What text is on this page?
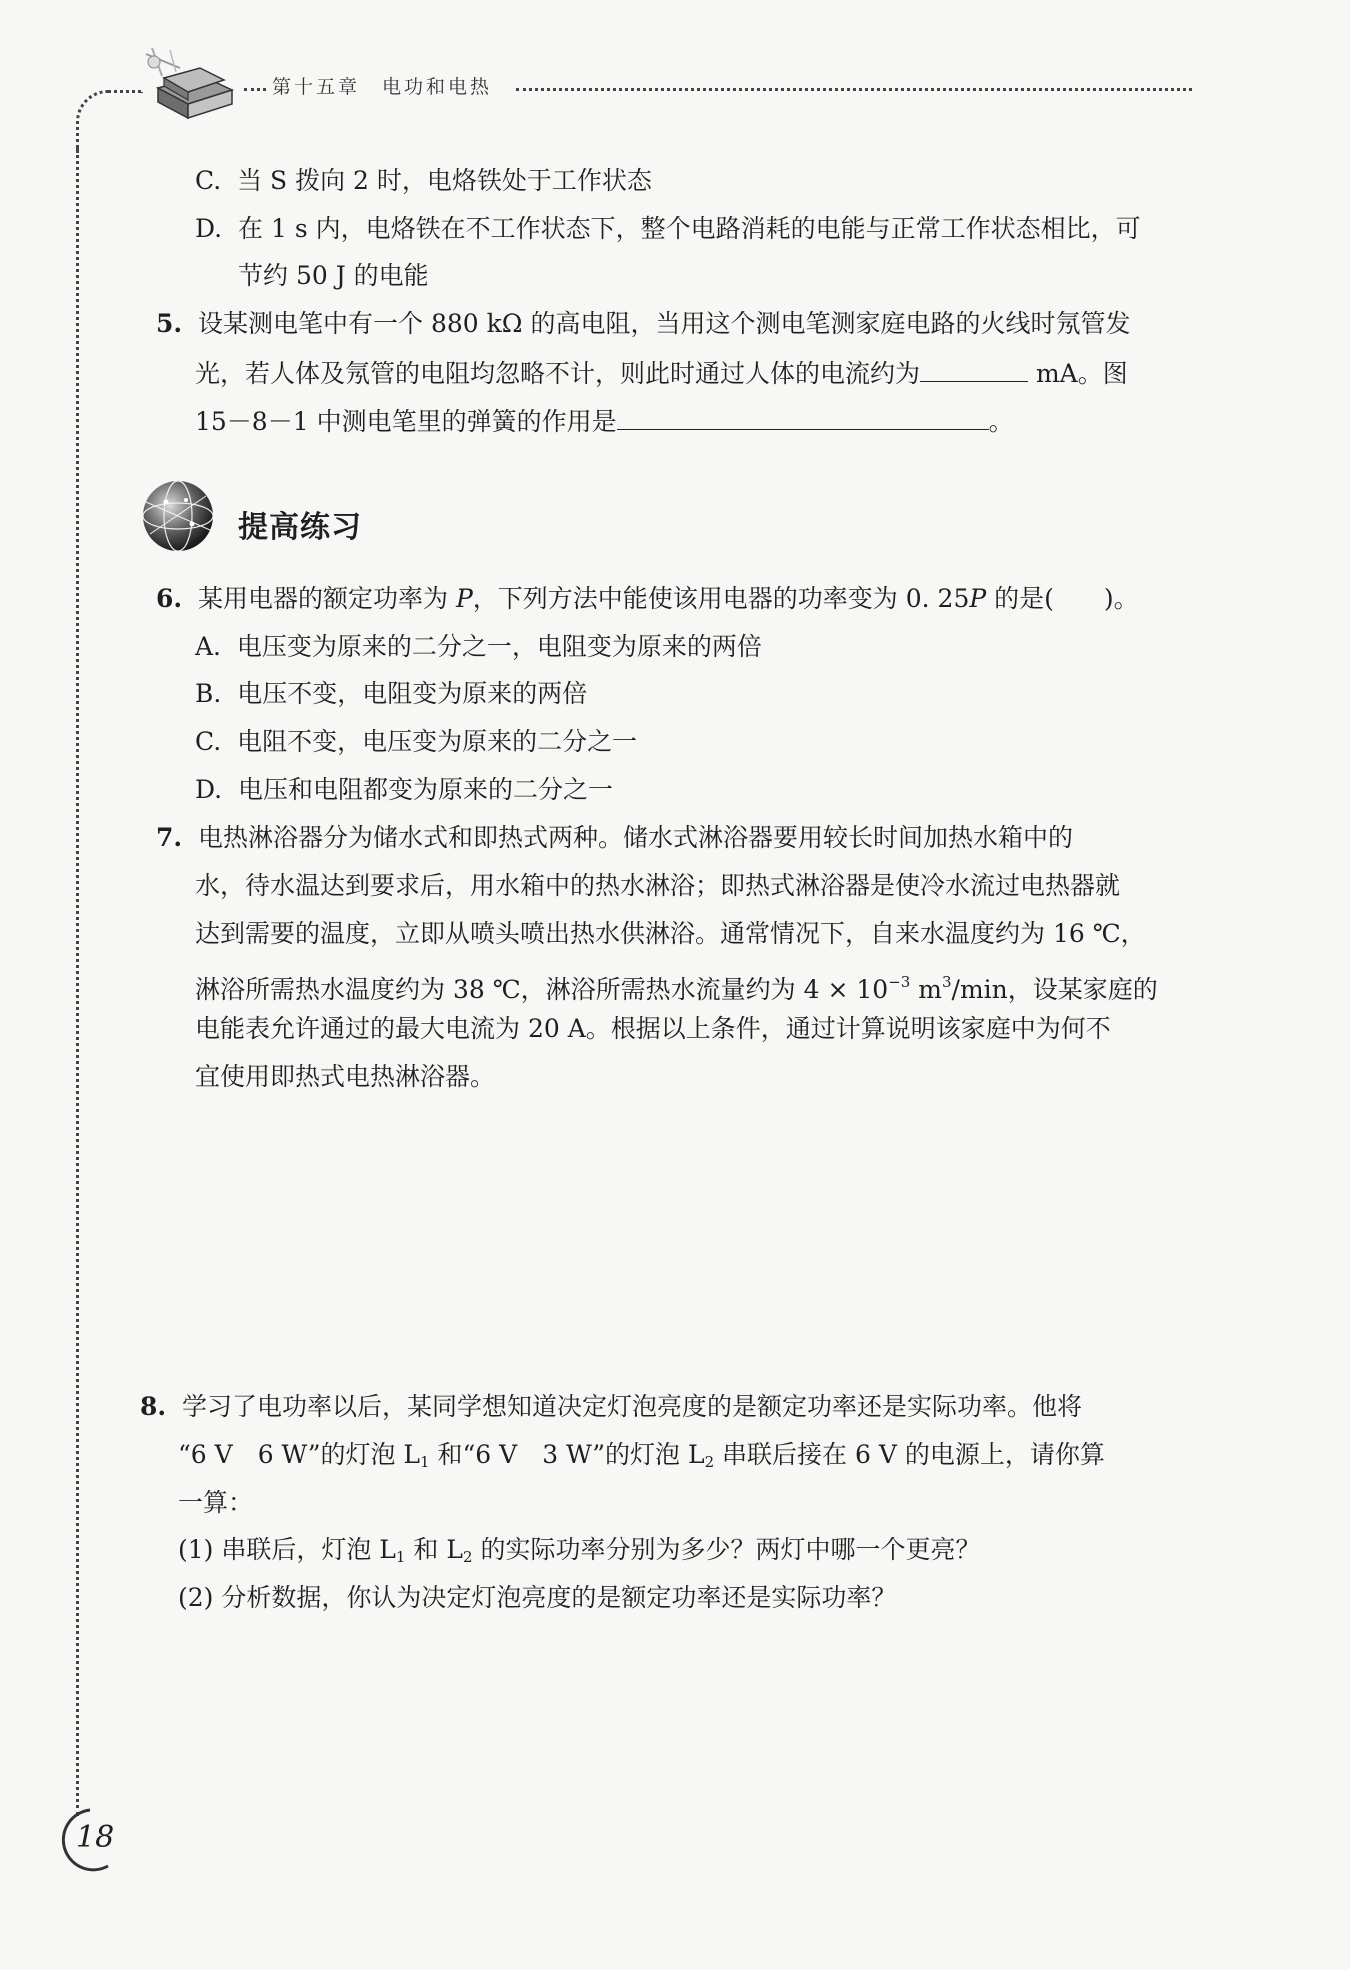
第十五章　电功和电热
C. 当 S 拨向 2 时，电烙铁处于工作状态
D. 在 1 s 内，电烙铁在不工作状态下，整个电路消耗的电能与正常工作状态相比，可
节约 50 J 的电能
5. 设某测电笔中有一个 880 kΩ 的高电阻，当用这个测电笔测家庭电路的火线时氖管发
光，若人体及氖管的电阻均忽略不计，则此时通过人体的电流约为	mA。图
15－8－1 中测电笔里的弹簧的作用是	。
提高练习
6. 某用电器的额定功率为 P，下列方法中能使该用电器的功率变为 0. 25P 的是(　　)。
A. 电压变为原来的二分之一，电阻变为原来的两倍
B. 电压不变，电阻变为原来的两倍
C. 电阻不变，电压变为原来的二分之一
D. 电压和电阻都变为原来的二分之一
7. 电热淋浴器分为储水式和即热式两种。储水式淋浴器要用较长时间加热水箱中的
水，待水温达到要求后，用水箱中的热水淋浴；即热式淋浴器是使冷水流过电热器就
达到需要的温度，立即从喷头喷出热水供淋浴。通常情况下，自来水温度约为 16 ℃，
淋浴所需热水温度约为 38 ℃，淋浴所需热水流量约为 $4 \times 10^{-3}$ $m^3/\min$，设某家庭的
电能表允许通过的最大电流为 20 A。根据以上条件，通过计算说明该家庭中为何不
宜使用即热式电热淋浴器。
8. 学习了电功率以后，某同学想知道决定灯泡亮度的是额定功率还是实际功率。他将
“6 V　6 W”的灯泡 $L_1$ 和“6 V　3 W”的灯泡 $L_2$ 串联后接在 6 V 的电源上，请你算
一算：
(1) 串联后，灯泡 $L_1$ 和 $L_2$ 的实际功率分别为多少？两灯中哪一个更亮？
(2) 分析数据，你认为决定灯泡亮度的是额定功率还是实际功率？
18
